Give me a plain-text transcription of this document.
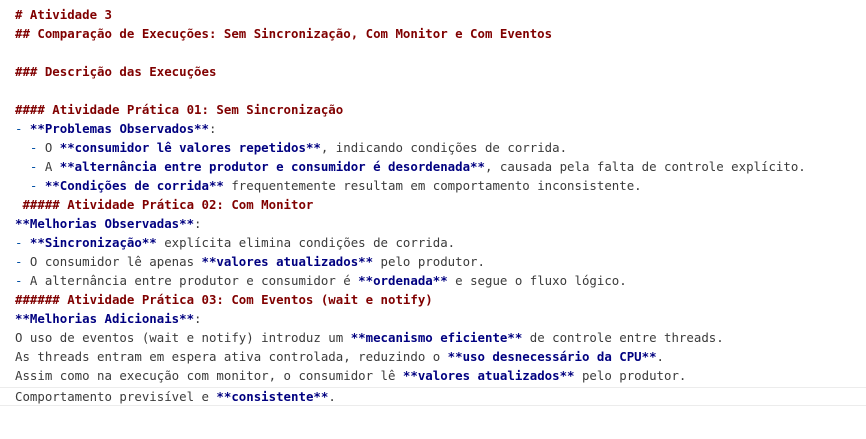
# Atividade 3
## Comparação de Execuções: Sem Sincronização, Com Monitor e Com Eventos
### Descrição das Execuções
#### Atividade Prática 01: Sem Sincronização
- **Problemas Observados**:
- O **consumidor lê valores repetidos**, indicando condições de corrida.
- A **alternância entre produtor e consumidor é desordenada**, causada pela falta de controle explícito.
- **Condições de corrida** frequentemente resultam em comportamento inconsistente.
##### Atividade Prática 02: Com Monitor
**Melhorias Observadas**:
- **Sincronização** explícita elimina condições de corrida.
- O consumidor lê apenas **valores atualizados** pelo produtor.
- A alternância entre produtor e consumidor é **ordenada** e segue o fluxo lógico.
###### Atividade Prática 03: Com Eventos (wait e notify)
**Melhorias Adicionais**:
O uso de eventos (wait e notify) introduz um **mecanismo eficiente** de controle entre threads.
As threads entram em espera ativa controlada, reduzindo o **uso desnecessário da CPU**.
Assim como na execução com monitor, o consumidor lê **valores atualizados** pelo produtor.
Comportamento previsível e **consistente**.
